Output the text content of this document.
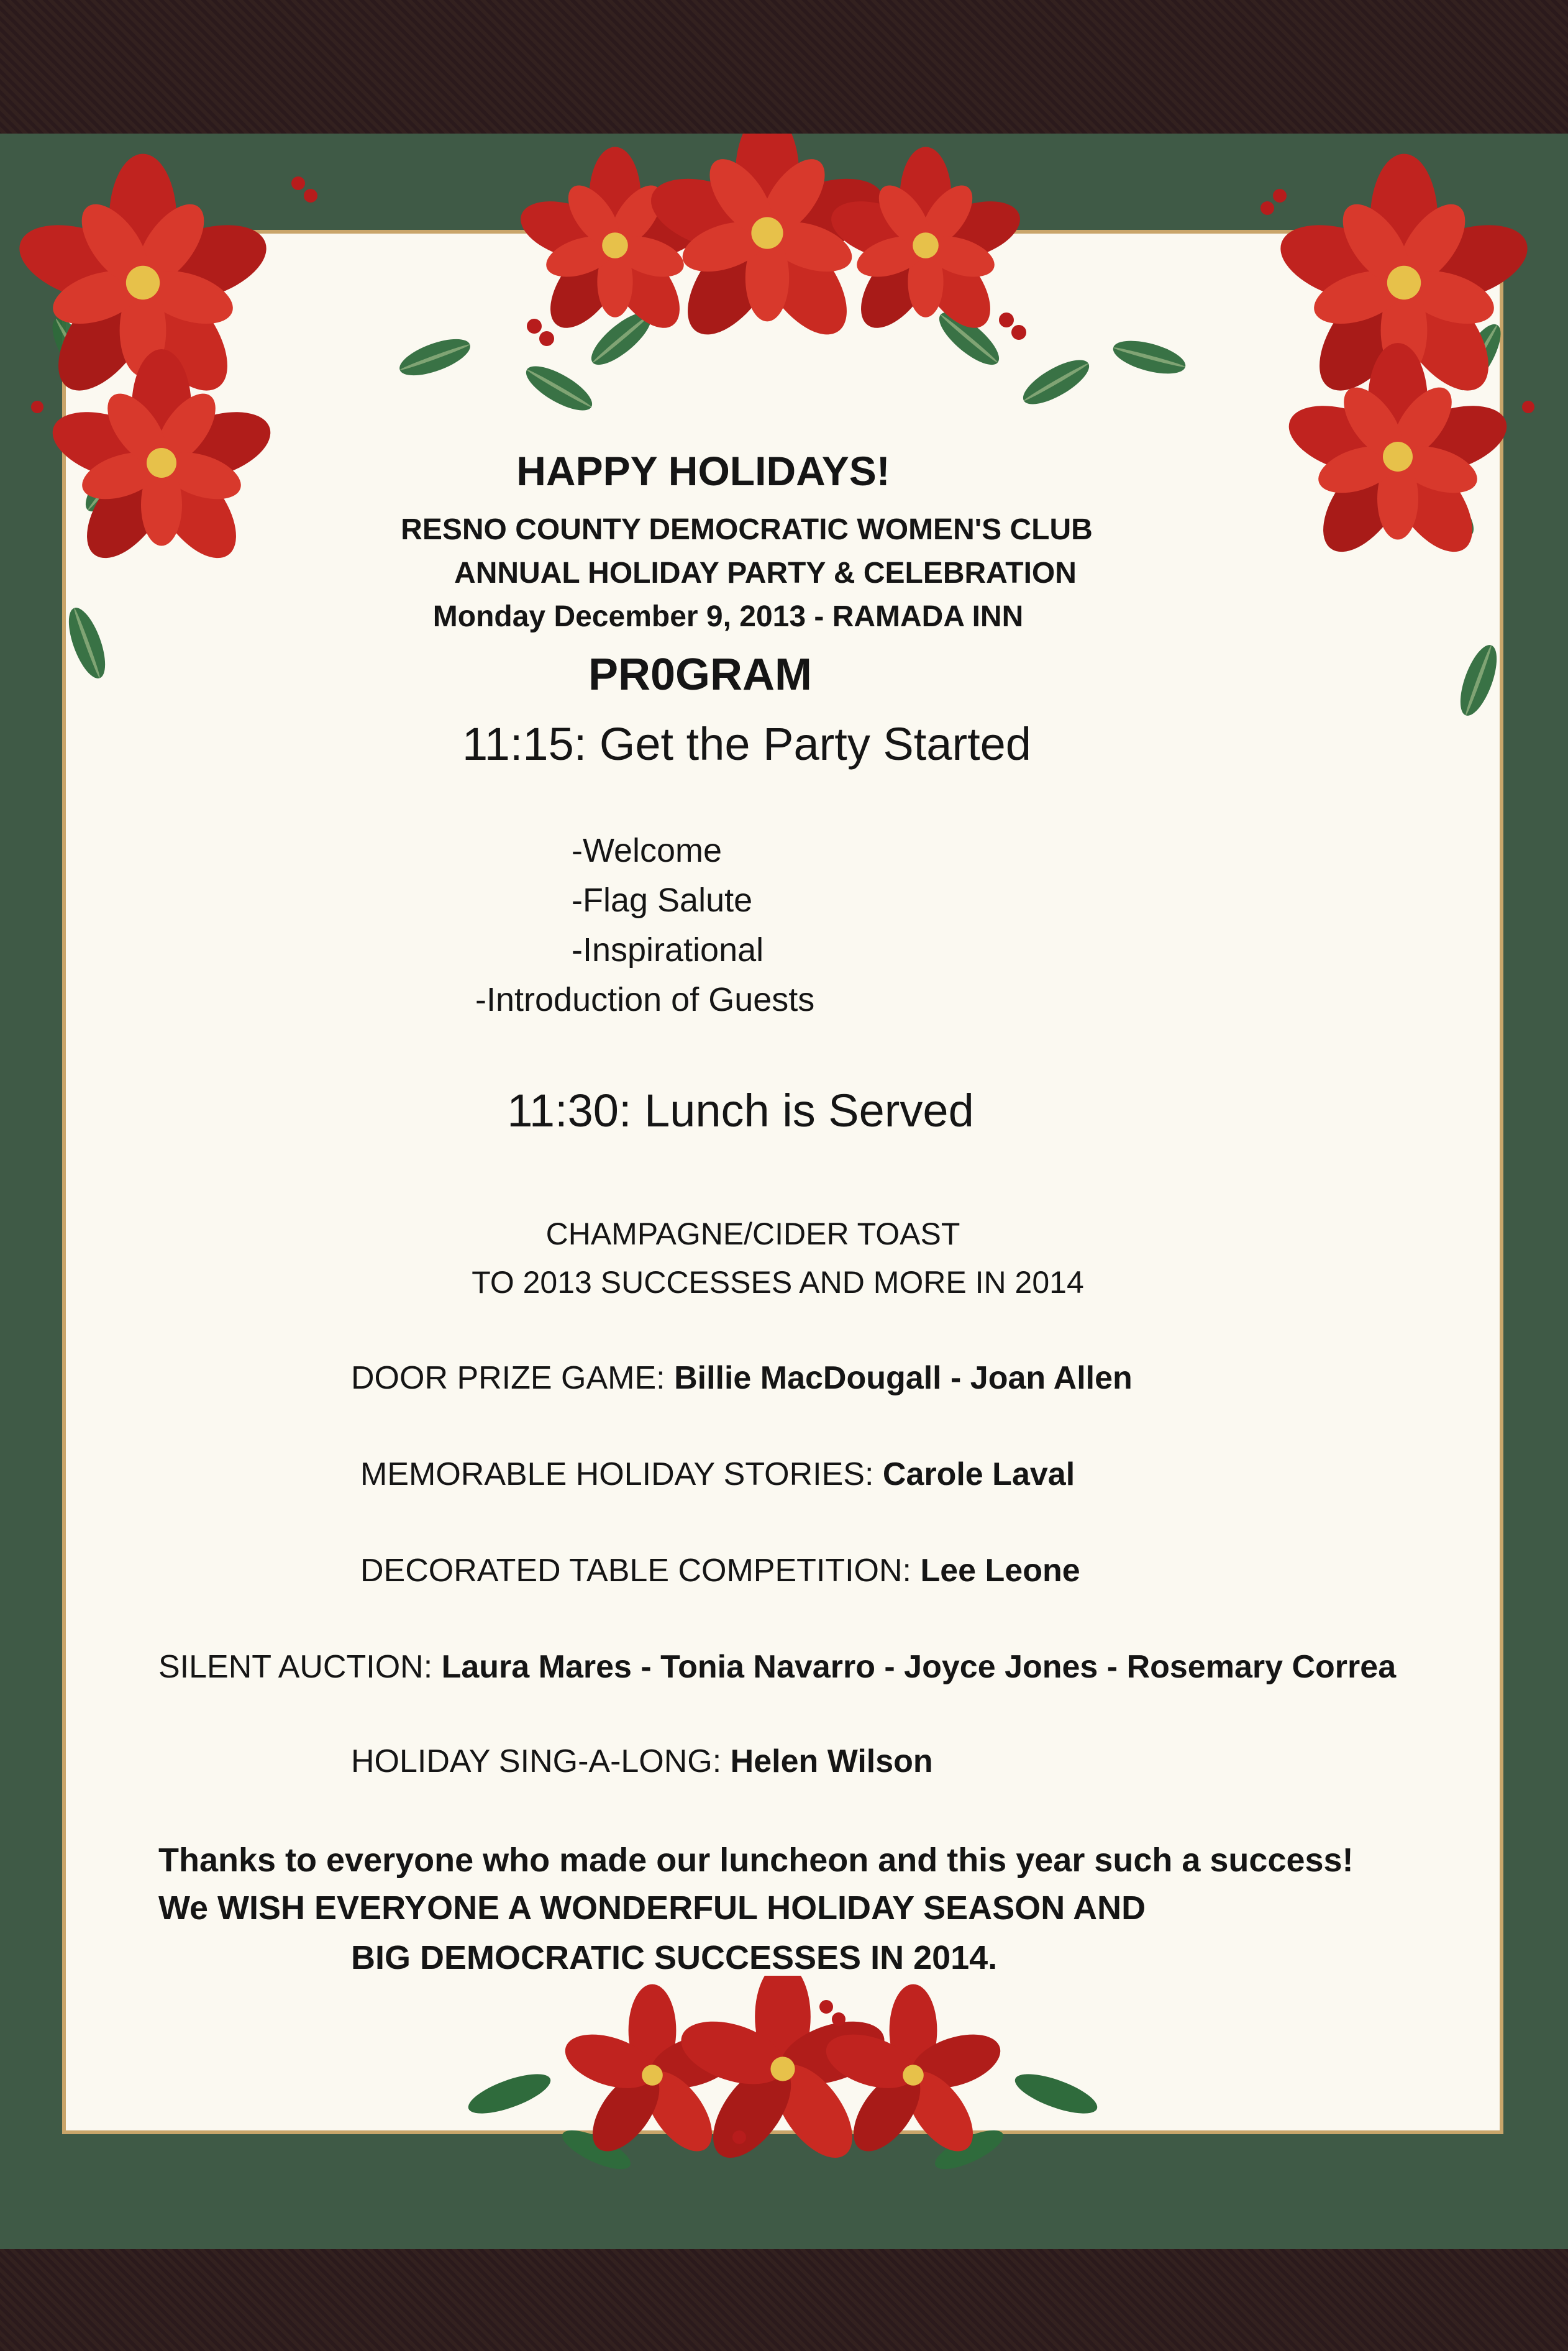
HAPPY HOLIDAYS!

RESNO COUNTY DEMOCRATIC WOMEN'S CLUB

ANNUAL HOLIDAY PARTY & CELEBRATION

Monday December 9, 2013 - RAMADA INN

PR0GRAM

11:15: Get the Party Started

-Welcome
-Flag Salute
-Inspirational
-Introduction of Guests

11:30: Lunch is Served

CHAMPAGNE/CIDER TOAST

TO 2013 SUCCESSES AND MORE IN 2014

DOOR PRIZE GAME: Billie MacDougall - Joan Allen
MEMORABLE HOLIDAY STORIES: Carole Laval
DECORATED TABLE COMPETITION: Lee Leone
SILENT AUCTION: Laura Mares - Tonia Navarro - Joyce Jones - Rosemary Correa
HOLIDAY SING-A-LONG: Helen Wilson
Thanks to everyone who made our luncheon and this year such a success!
We WISH EVERYONE A WONDERFUL HOLIDAY SEASON AND
BIG DEMOCRATIC SUCCESSES IN 2014.
